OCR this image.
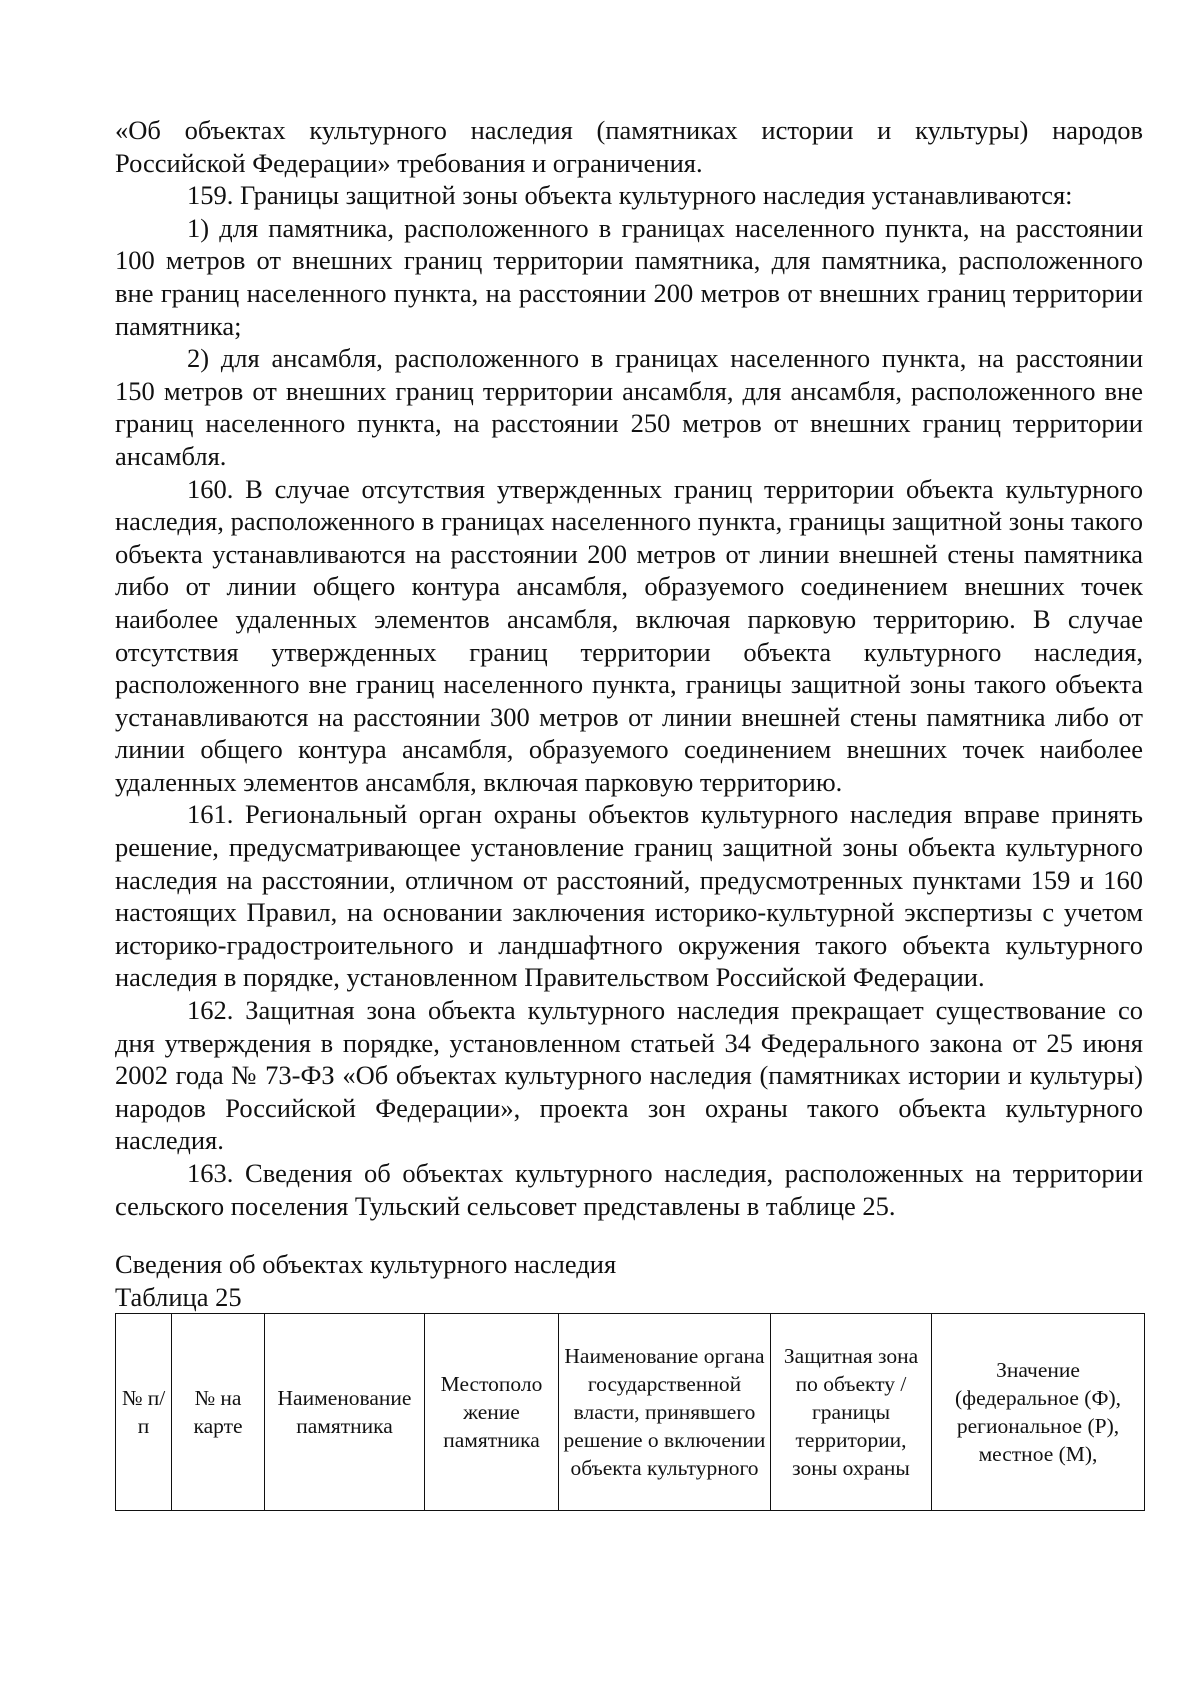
«Об объектах культурного наследия (памятниках истории и культуры) народов Российской Федерации» требования и ограничения.

159. Границы защитной зоны объекта культурного наследия устанавливаются:

1) для памятника, расположенного в границах населенного пункта, на расстоянии 100 метров от внешних границ территории памятника, для памятника, расположенного вне границ населенного пункта, на расстоянии 200 метров от внешних границ территории памятника;

2) для ансамбля, расположенного в границах населенного пункта, на расстоянии 150 метров от внешних границ территории ансамбля, для ансамбля, расположенного вне границ населенного пункта, на расстоянии 250 метров от внешних границ территории ансамбля.

160. В случае отсутствия утвержденных границ территории объекта культурного наследия, расположенного в границах населенного пункта, границы защитной зоны такого объекта устанавливаются на расстоянии 200 метров от линии внешней стены памятника либо от линии общего контура ансамбля, образуемого соединением внешних точек наиболее удаленных элементов ансамбля, включая парковую территорию. В случае отсутствия утвержденных границ территории объекта культурного наследия, расположенного вне границ населенного пункта, границы защитной зоны такого объекта устанавливаются на расстоянии 300 метров от линии внешней стены памятника либо от линии общего контура ансамбля, образуемого соединением внешних точек наиболее удаленных элементов ансамбля, включая парковую территорию.

161. Региональный орган охраны объектов культурного наследия вправе принять решение, предусматривающее установление границ защитной зоны объекта культурного наследия на расстоянии, отличном от расстояний, предусмотренных пунктами 159 и 160 настоящих Правил, на основании заключения историко-культурной экспертизы с учетом историко-градостроительного и ландшафтного окружения такого объекта культурного наследия в порядке, установленном Правительством Российской Федерации.

162. Защитная зона объекта культурного наследия прекращает существование со дня утверждения в порядке, установленном статьей 34 Федерального закона от 25 июня 2002 года № 73-ФЗ «Об объектах культурного наследия (памятниках истории и культуры) народов Российской Федерации», проекта зон охраны такого объекта культурного наследия.

163. Сведения об объектах культурного наследия, расположенных на территории сельского поселения Тульский сельсовет представлены в таблице 25.

Сведения об объектах культурного наследия

Таблица 25

№ п/п	№ на карте	Наименование памятника	Местополо жение памятника	Наименование органа государственной власти, принявшего решение о включении объекта культурного	Защитная зона по объекту / границы территории, зоны охраны	Значение (федеральное (Ф), региональное (Р), местное (М),
